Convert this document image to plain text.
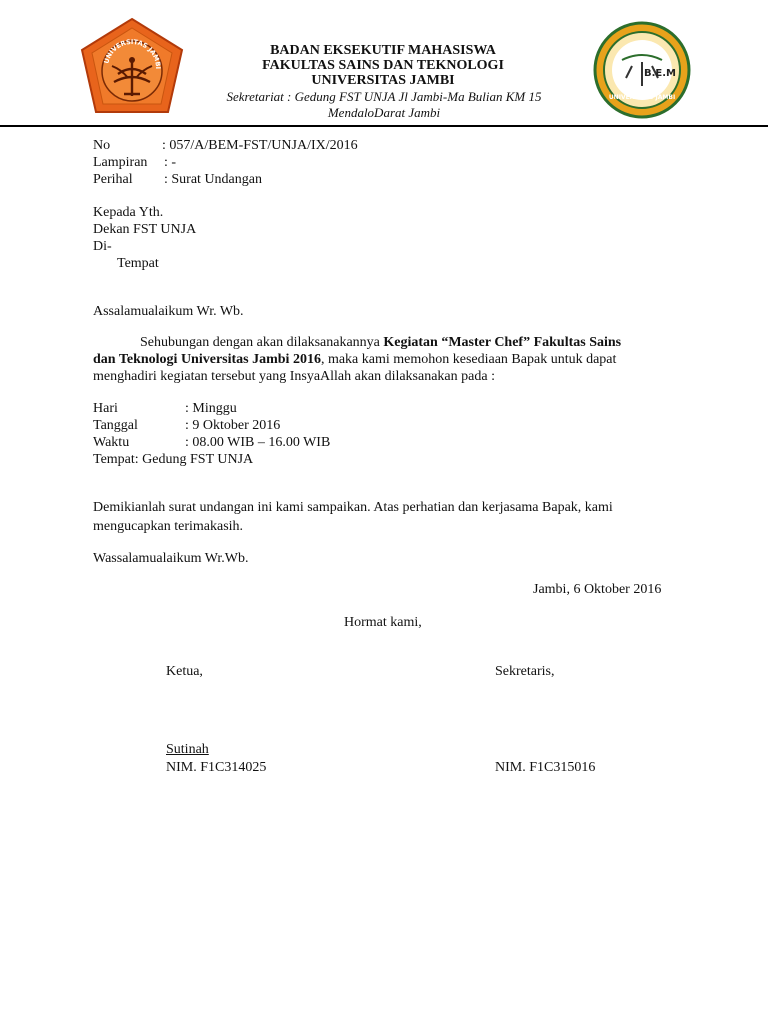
UNIVERSITAS JAMBI
B.E.M
UNIVERSITAS JAMBI
BADAN EKSEKUTIF MAHASISWA
FAKULTAS SAINS DAN TEKNOLOGI
UNIVERSITAS JAMBI
Sekretariat : Gedung FST UNJA Jl Jambi-Ma Bulian KM 15
MendaloDarat Jambi
No	: 057/A/BEM-FST/UNJA/IX/2016
Lampiran : -
Perihal : Surat Undangan
Kepada Yth.
Dekan FST UNJA
Di-
Tempat
Assalamualaikum Wr. Wb.
Sehubungan dengan akan dilaksanakannya Kegiatan “Master Chef” Fakultas Sains
dan Teknologi Universitas Jambi 2016, maka kami memohon kesediaan Bapak untuk dapat
menghadiri kegiatan tersebut yang InsyaAllah akan dilaksanakan pada :
Hari	: Minggu
Tanggal	: 9 Oktober 2016
Waktu	: 08.00 WIB – 16.00 WIB
Tempat: Gedung FST UNJA
Demikianlah surat undangan ini kami sampaikan. Atas perhatian dan kerjasama Bapak, kami
mengucapkan terimakasih.
Wassalamualaikum Wr.Wb.
Jambi, 6 Oktober 2016
Hormat kami,
Ketua,	Sekretaris,
Sutinah
NIM. F1C314025	NIM. F1C315016
